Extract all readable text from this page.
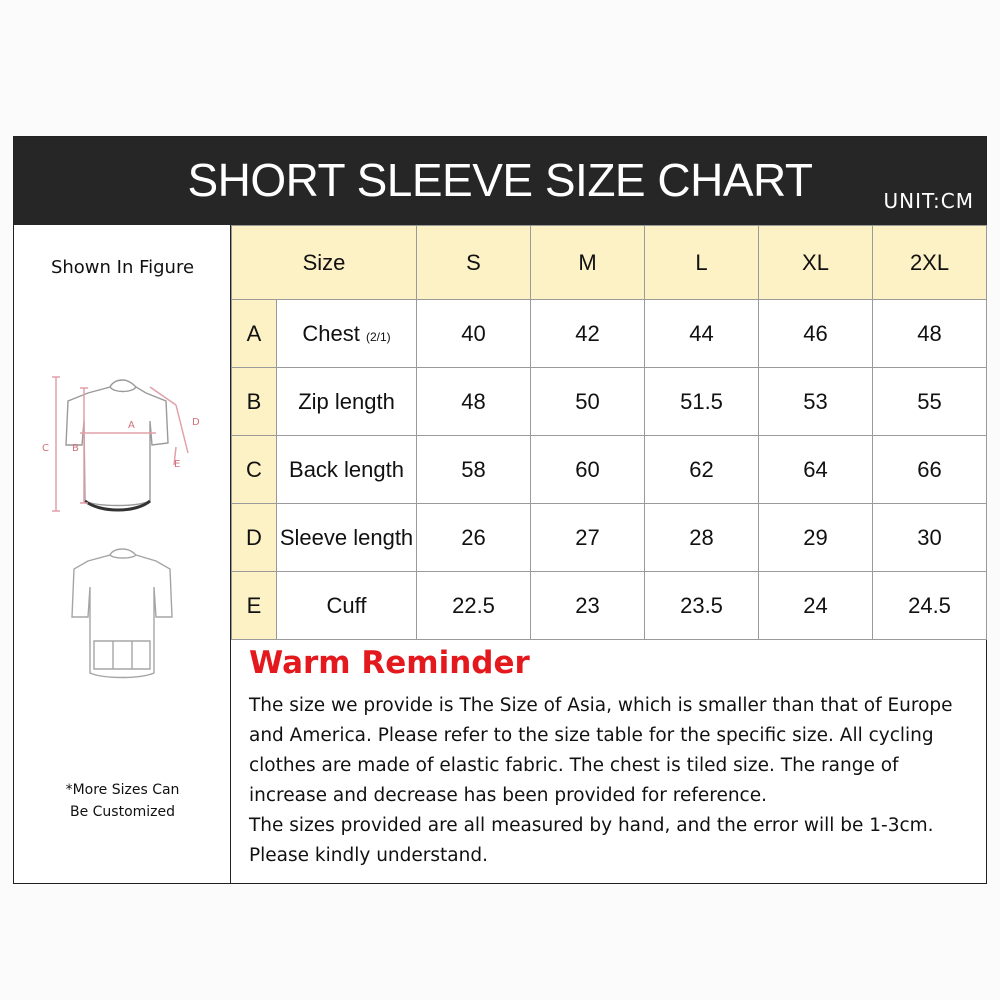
SHORT SLEEVE SIZE CHART	UNIT:CM
Shown In Figure
A
B
C
D
E
*More Sizes Can
Be Customized
Size		S	M	L	XL	2XL
A	Chest (2/1)	40	42	44	46	48
B	Zip length	48	50	51.5	53	55
C	Back length	58	60	62	64	66
D	Sleeve length	26	27	28	29	30
E	Cuff	22.5	23	23.5	24	24.5
Warm Reminder

The size we provide is The Size of Asia, which is smaller than that of Europe and America. Please refer to the size table for the specific size. All cycling clothes are made of elastic fabric. The chest is tiled size. The range of increase and decrease has been provided for reference.

The sizes provided are all measured by hand, and the error will be 1-3cm. Please kindly understand.
